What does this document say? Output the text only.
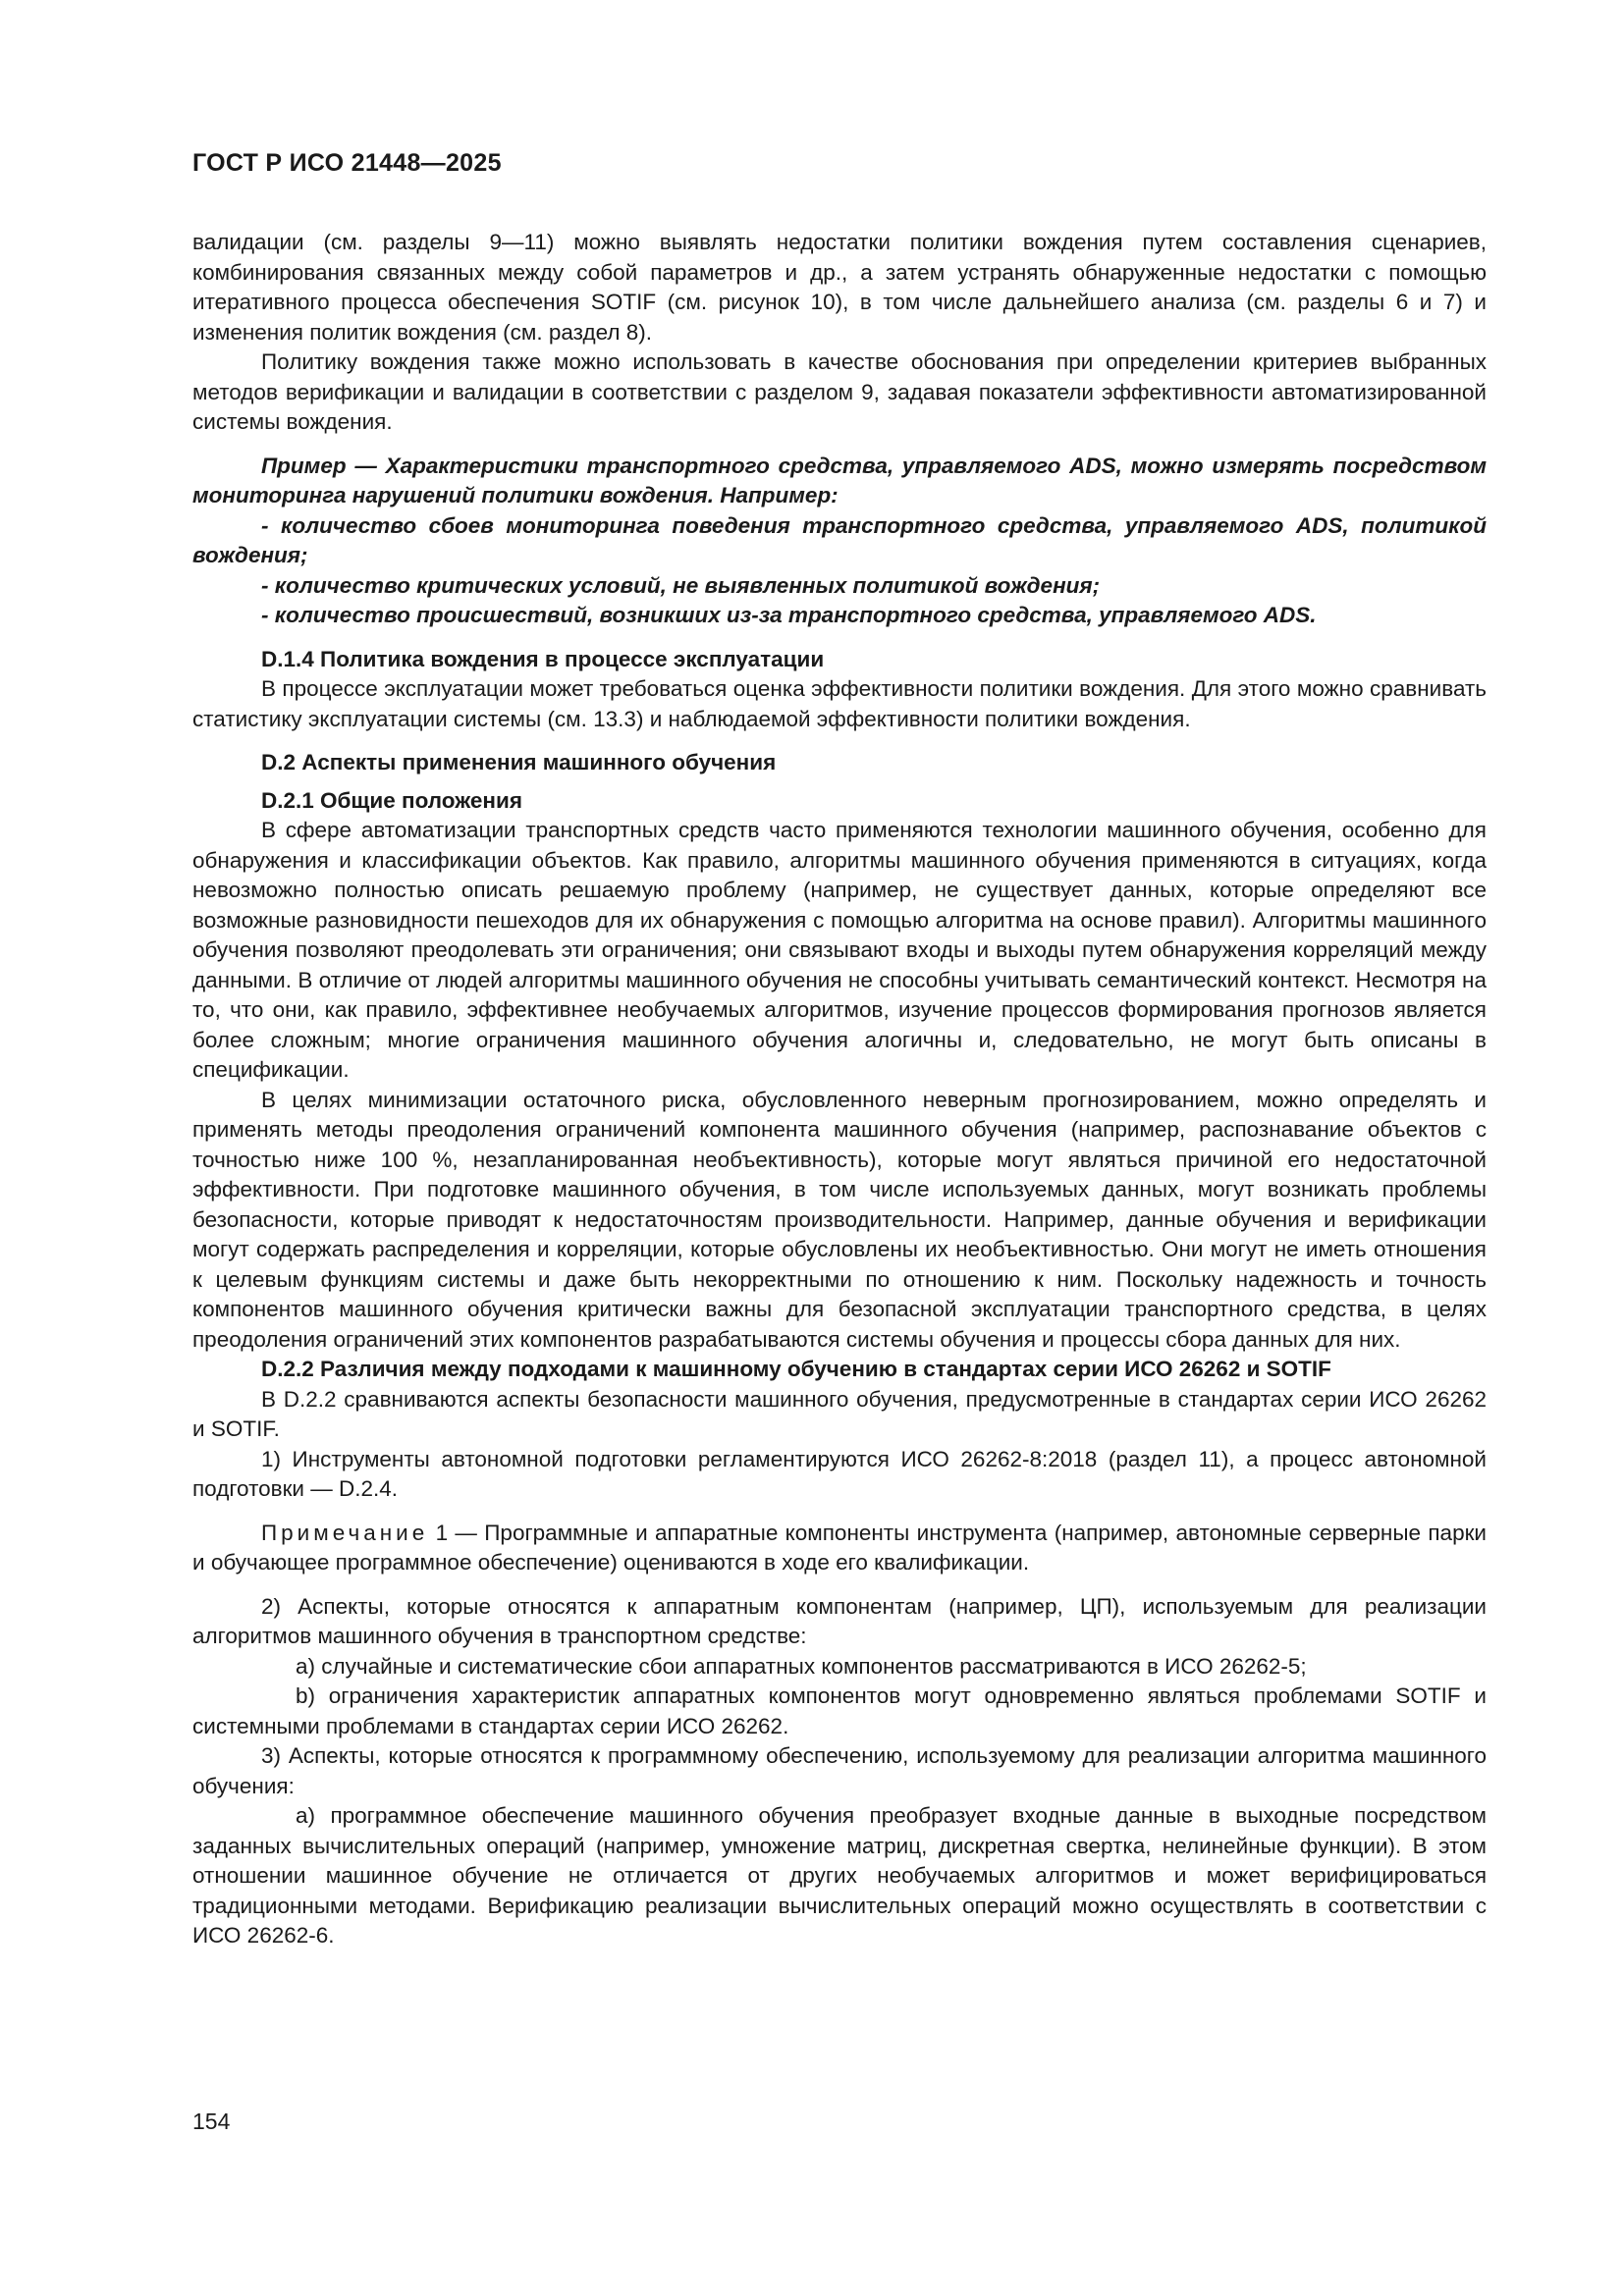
ГОСТ Р ИСО 21448—2025

валидации (см. разделы 9—11) можно выявлять недостатки политики вождения путем составления сценариев, комбинирования связанных между собой параметров и др., а затем устранять обнаруженные недостатки с помощью итеративного процесса обеспечения SOTIF (см. рисунок 10), в том числе дальнейшего анализа (см. разделы 6 и 7) и изменения политик вождения (см. раздел 8).

Политику вождения также можно использовать в качестве обоснования при определении критериев выбранных методов верификации и валидации в соответствии с разделом 9, задавая показатели эффективности автоматизированной системы вождения.

Пример — Характеристики транспортного средства, управляемого ADS, можно измерять посредством мониторинга нарушений политики вождения. Например:

- количество сбоев мониторинга поведения транспортного средства, управляемого ADS, политикой вождения;

- количество критических условий, не выявленных политикой вождения;

- количество происшествий, возникших из-за транспортного средства, управляемого ADS.

D.1.4 Политика вождения в процессе эксплуатации

В процессе эксплуатации может требоваться оценка эффективности политики вождения. Для этого можно сравнивать статистику эксплуатации системы (см. 13.3) и наблюдаемой эффективности политики вождения.

D.2 Аспекты применения машинного обучения

D.2.1 Общие положения

В сфере автоматизации транспортных средств часто применяются технологии машинного обучения, особенно для обнаружения и классификации объектов. Как правило, алгоритмы машинного обучения применяются в ситуациях, когда невозможно полностью описать решаемую проблему (например, не существует данных, которые определяют все возможные разновидности пешеходов для их обнаружения с помощью алгоритма на основе правил). Алгоритмы машинного обучения позволяют преодолевать эти ограничения; они связывают входы и выходы путем обнаружения корреляций между данными. В отличие от людей алгоритмы машинного обучения не способны учитывать семантический контекст. Несмотря на то, что они, как правило, эффективнее необучаемых алгоритмов, изучение процессов формирования прогнозов является более сложным; многие ограничения машинного обучения алогичны и, следовательно, не могут быть описаны в спецификации.

В целях минимизации остаточного риска, обусловленного неверным прогнозированием, можно определять и применять методы преодоления ограничений компонента машинного обучения (например, распознавание объектов с точностью ниже 100 %, незапланированная необъективность), которые могут являться причиной его недостаточной эффективности. При подготовке машинного обучения, в том числе используемых данных, могут возникать проблемы безопасности, которые приводят к недостаточностям производительности. Например, данные обучения и верификации могут содержать распределения и корреляции, которые обусловлены их необъективностью. Они могут не иметь отношения к целевым функциям системы и даже быть некорректными по отношению к ним. Поскольку надежность и точность компонентов машинного обучения критически важны для безопасной эксплуатации транспортного средства, в целях преодоления ограничений этих компонентов разрабатываются системы обучения и процессы сбора данных для них.

D.2.2 Различия между подходами к машинному обучению в стандартах серии ИСО 26262 и SOTIF

В D.2.2 сравниваются аспекты безопасности машинного обучения, предусмотренные в стандартах серии ИСО 26262 и SOTIF.

1) Инструменты автономной подготовки регламентируются ИСО 26262-8:2018 (раздел 11), а процесс автономной подготовки — D.2.4.

Примечание 1 — Программные и аппаратные компоненты инструмента (например, автономные серверные парки и обучающее программное обеспечение) оцениваются в ходе его квалификации.

2) Аспекты, которые относятся к аппаратным компонентам (например, ЦП), используемым для реализации алгоритмов машинного обучения в транспортном средстве:

a) случайные и систематические сбои аппаратных компонентов рассматриваются в ИСО 26262-5;

b) ограничения характеристик аппаратных компонентов могут одновременно являться проблемами SOTIF и системными проблемами в стандартах серии ИСО 26262.

3) Аспекты, которые относятся к программному обеспечению, используемому для реализации алгоритма машинного обучения:

a) программное обеспечение машинного обучения преобразует входные данные в выходные посредством заданных вычислительных операций (например, умножение матриц, дискретная свертка, нелинейные функции). В этом отношении машинное обучение не отличается от других необучаемых алгоритмов и может верифицироваться традиционными методами. Верификацию реализации вычислительных операций можно осуществлять в соответствии с ИСО 26262-6.

154
